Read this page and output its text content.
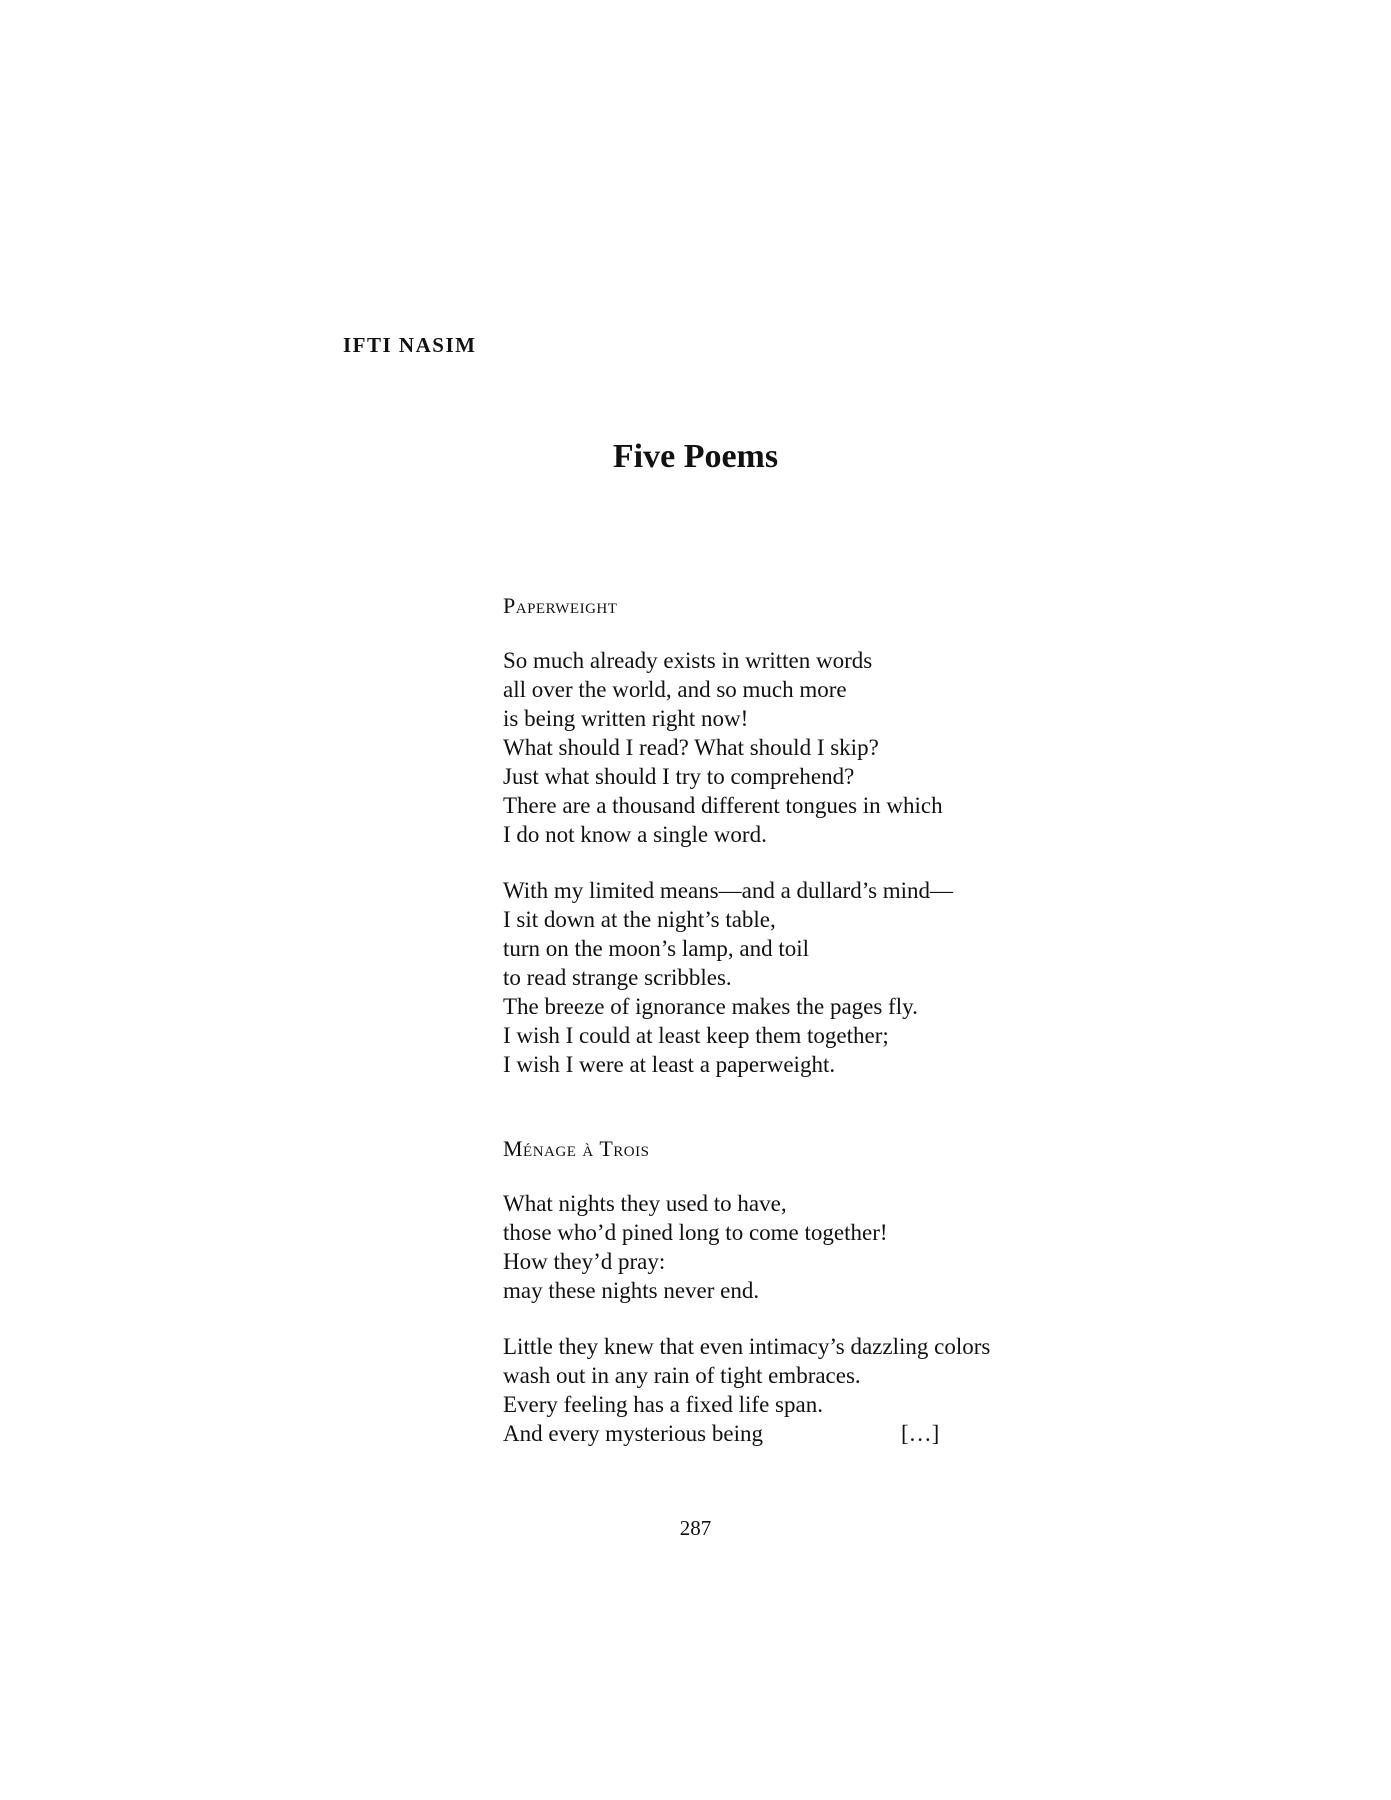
IFTI NASIM

Five Poems

Paperweight

So much already exists in written words
all over the world, and so much more
is being written right now!
What should I read? What should I skip?
Just what should I try to comprehend?
There are a thousand different tongues in which
I do not know a single word.
With my limited means—and a dullard’s mind—
I sit down at the night’s table,
turn on the moon’s lamp, and toil
to read strange scribbles.
The breeze of ignorance makes the pages fly.
I wish I could at least keep them together;
I wish I were at least a paperweight.

Ménage à Trois

What nights they used to have,
those who’d pined long to come together!
How they’d pray:
may these nights never end.
Little they knew that even intimacy’s dazzling colors
wash out in any rain of tight embraces.
Every feeling has a fixed life span.
And every mysterious being	[…]

287
